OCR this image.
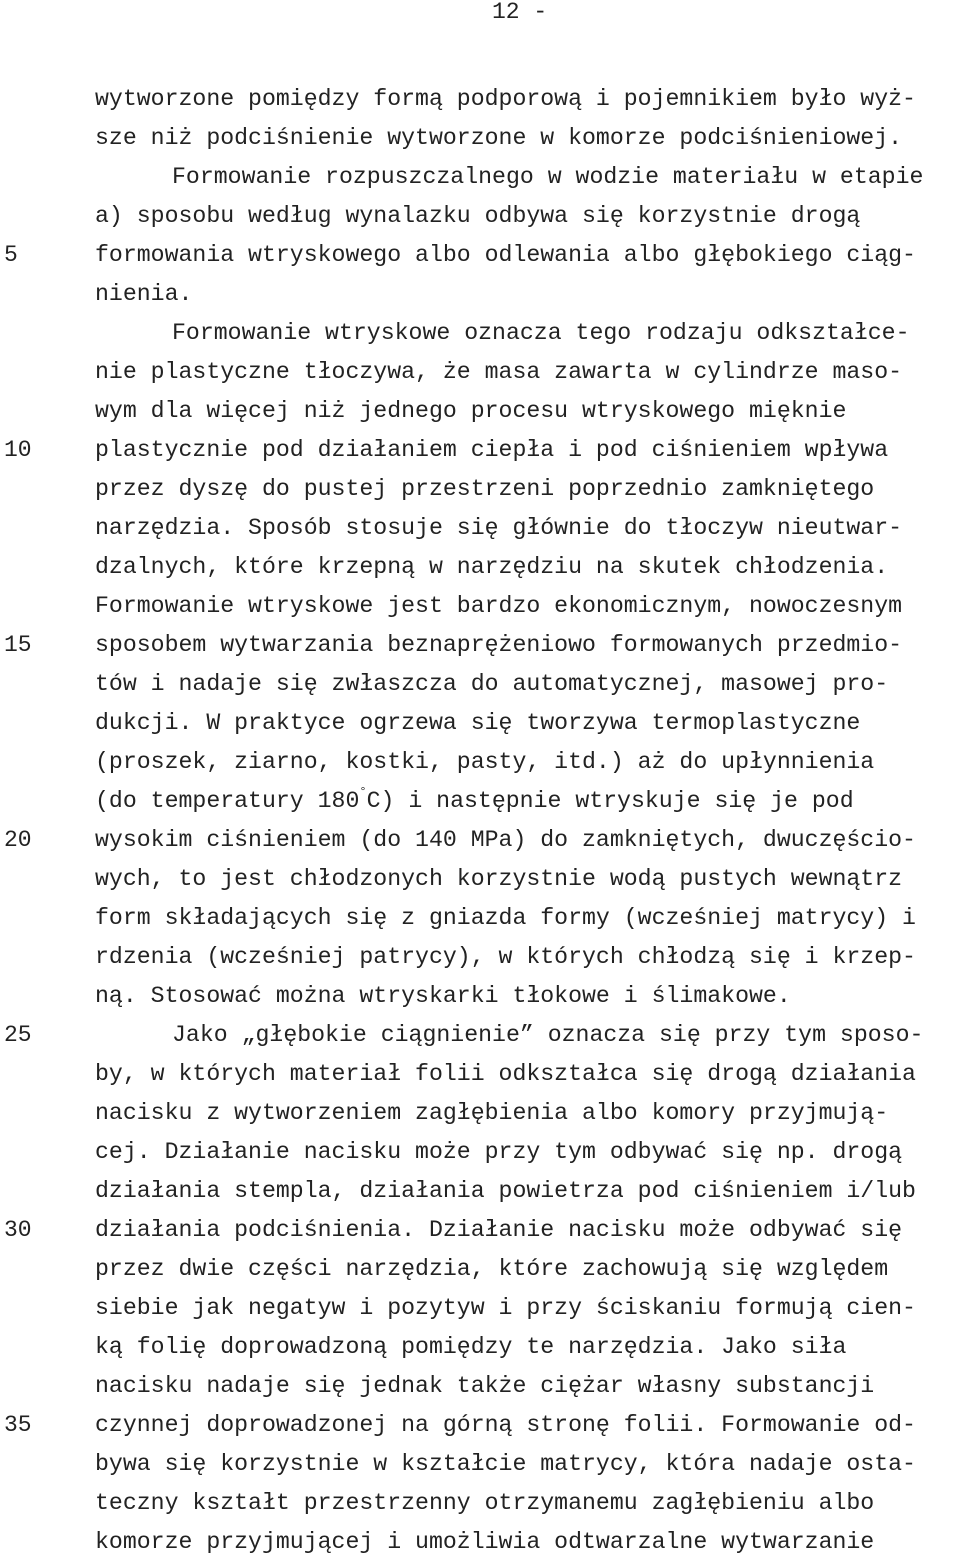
12 -
5
10
15
20
25
30
35
wytworzone pomiędzy formą podporową i pojemnikiem było wyż-
sze niż podciśnienie wytworzone w komorze podciśnieniowej.
Formowanie rozpuszczalnego w wodzie materiału w etapie
a) sposobu według wynalazku odbywa się korzystnie drogą
formowania wtryskowego albo odlewania albo głębokiego ciąg-
nienia.
Formowanie wtryskowe oznacza tego rodzaju odkształce-
nie plastyczne tłoczywa, że masa zawarta w cylindrze maso-
wym dla więcej niż jednego procesu wtryskowego mięknie
plastycznie pod działaniem ciepła i pod ciśnieniem wpływa
przez dyszę do pustej przestrzeni poprzednio zamkniętego
narzędzia. Sposób stosuje się głównie do tłoczyw nieutwar-
dzalnych, które krzepną w narzędziu na skutek chłodzenia.
Formowanie wtryskowe jest bardzo ekonomicznym, nowoczesnym
sposobem wytwarzania beznaprężeniowo formowanych przedmio-
tów i nadaje się zwłaszcza do automatycznej, masowej pro-
dukcji. W praktyce ogrzewa się tworzywa termoplastyczne
(proszek, ziarno, kostki, pasty, itd.) aż do upłynnienia
(do temperatury 180°C) i następnie wtryskuje się je pod
wysokim ciśnieniem (do 140 MPa) do zamkniętych, dwuczęścio-
wych, to jest chłodzonych korzystnie wodą pustych wewnątrz
form składających się z gniazda formy (wcześniej matrycy) i
rdzenia (wcześniej patrycy), w których chłodzą się i krzep-
ną. Stosować można wtryskarki tłokowe i ślimakowe.
Jako „głębokie ciągnienie” oznacza się przy tym sposo-
by, w których materiał folii odkształca się drogą działania
nacisku z wytworzeniem zagłębienia albo komory przyjmują-
cej. Działanie nacisku może przy tym odbywać się np. drogą
działania stempla, działania powietrza pod ciśnieniem i/lub
działania podciśnienia. Działanie nacisku może odbywać się
przez dwie części narzędzia, które zachowują się względem
siebie jak negatyw i pozytyw i przy ściskaniu formują cien-
ką folię doprowadzoną pomiędzy te narzędzia. Jako siła
nacisku nadaje się jednak także ciężar własny substancji
czynnej doprowadzonej na górną stronę folii. Formowanie od-
bywa się korzystnie w kształcie matrycy, która nadaje osta-
teczny kształt przestrzenny otrzymanemu zagłębieniu albo
komorze przyjmującej i umożliwia odtwarzalne wytwarzanie
